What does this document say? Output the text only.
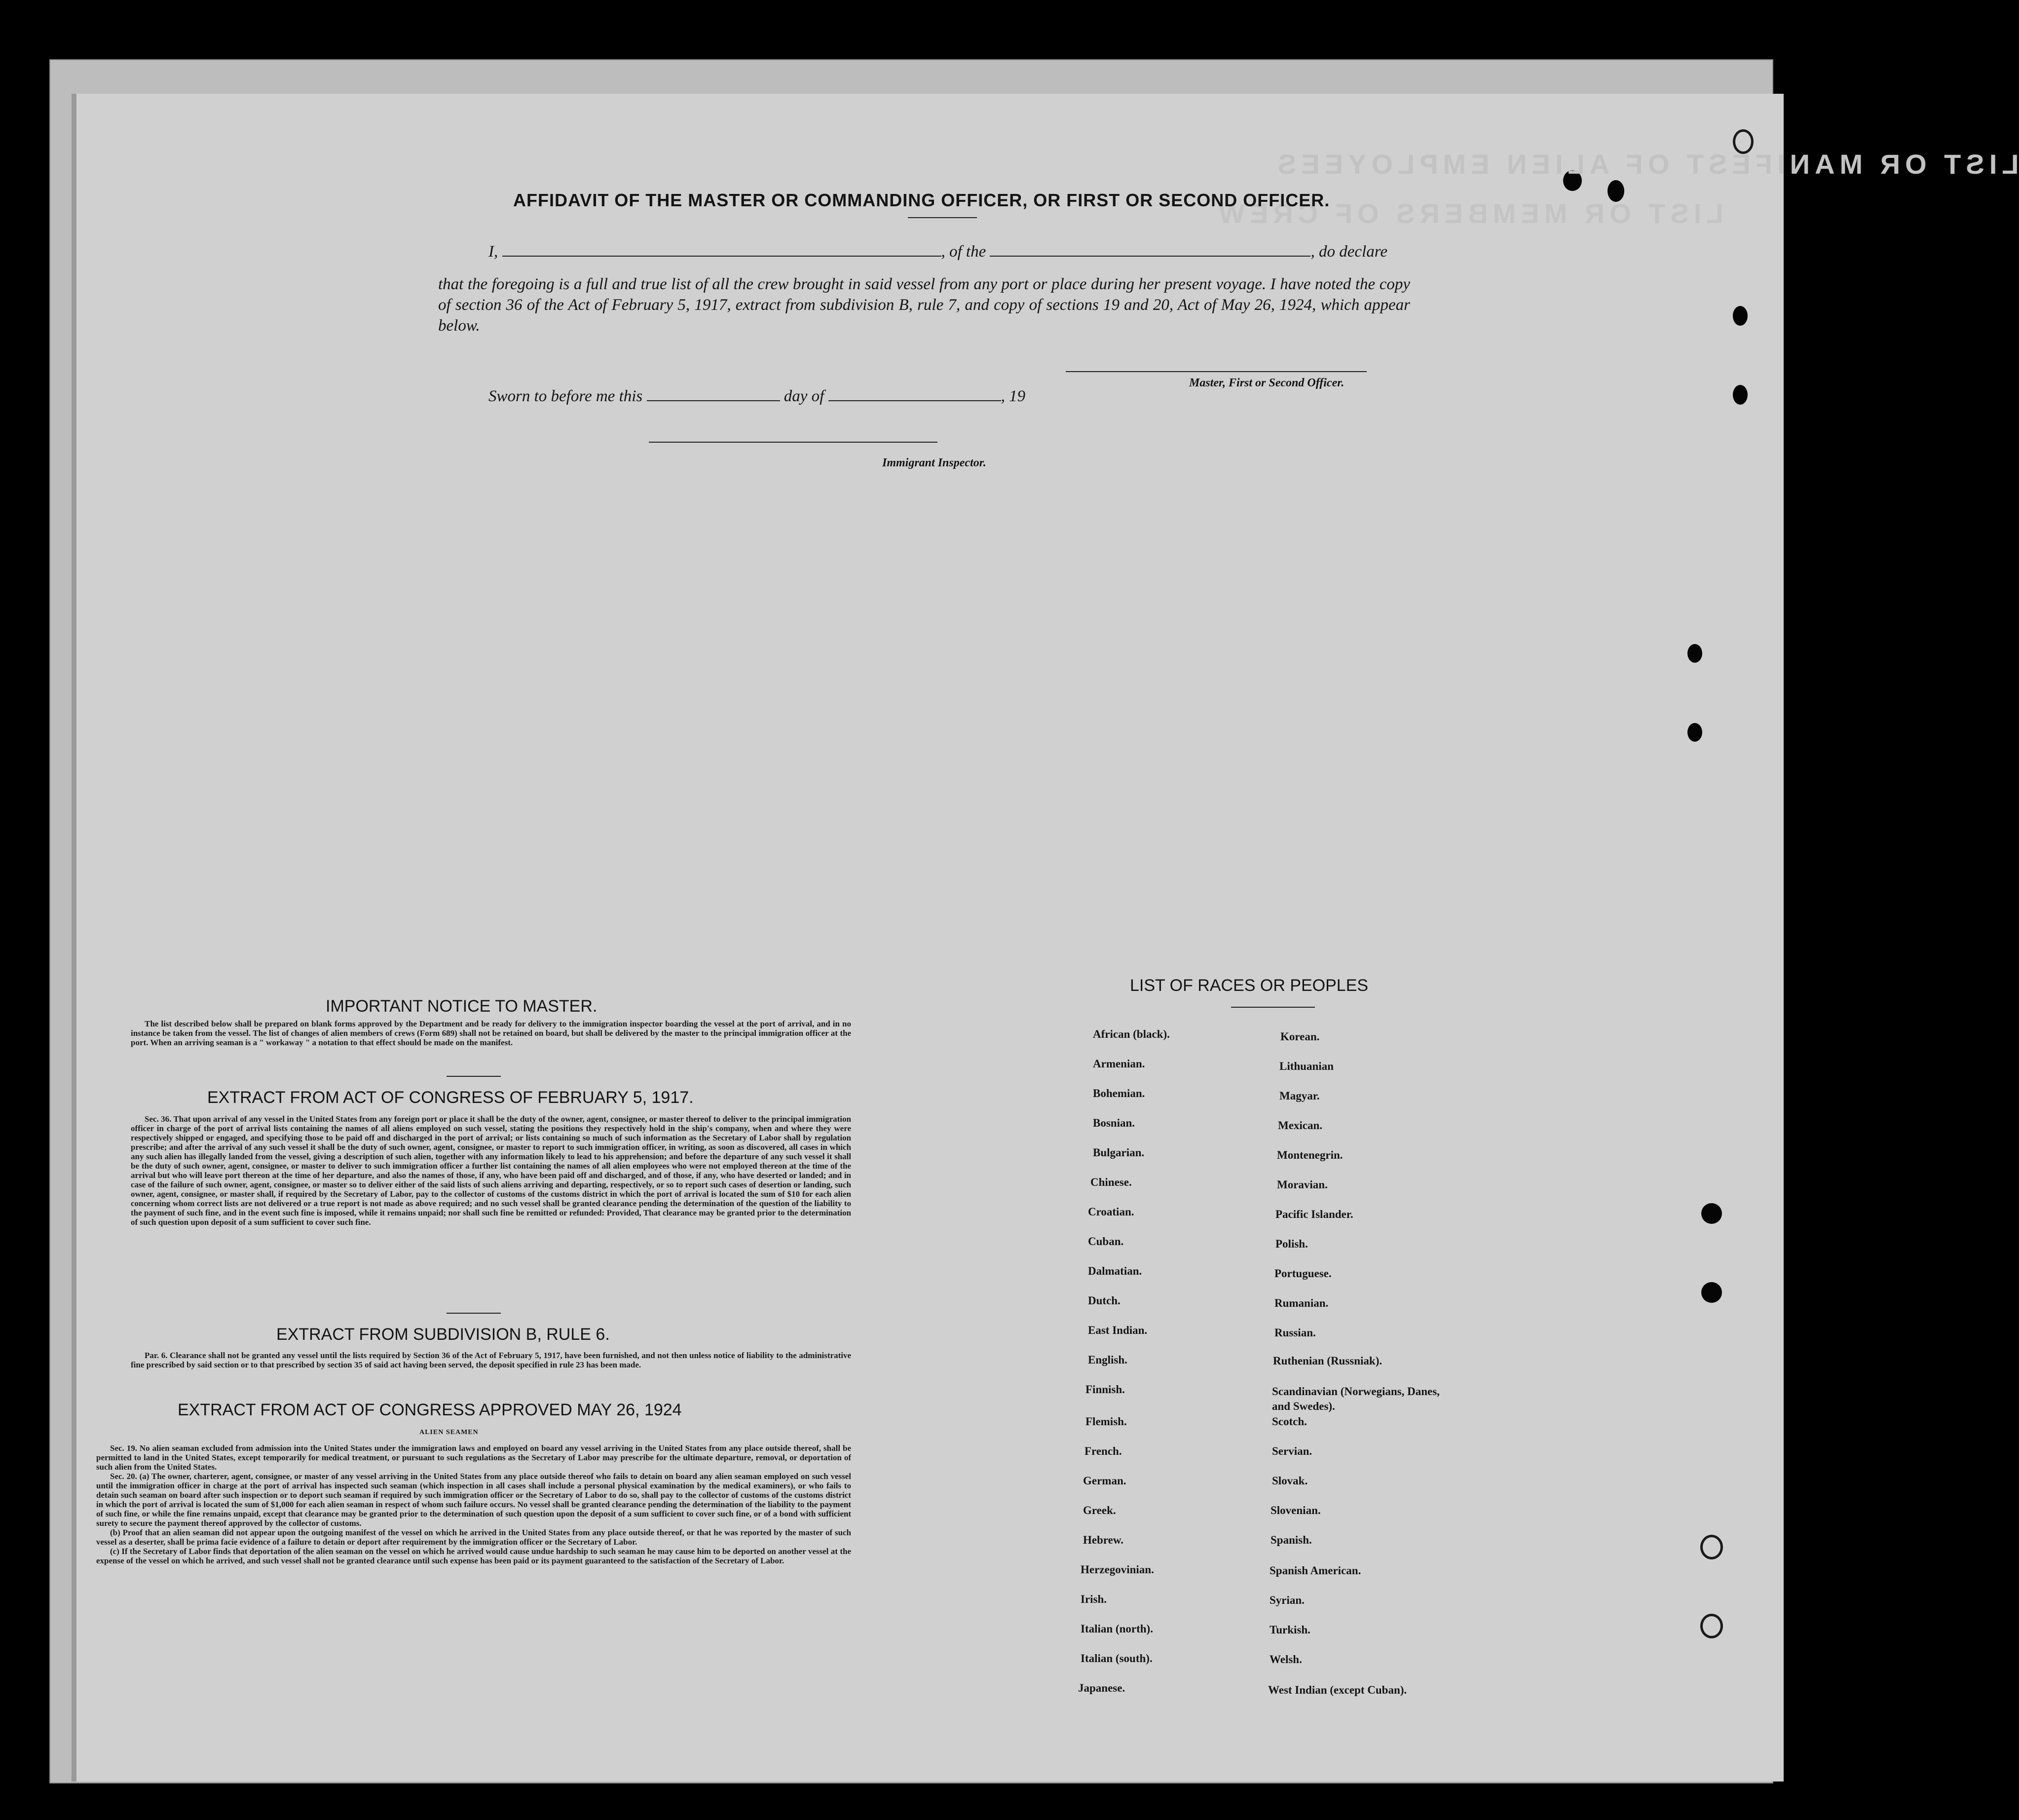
LIST OR MANIFEST OF ALIEN EMPLOYEES
LIST OR MEMBERS OF CREW
AFFIDAVIT OF THE MASTER OR COMMANDING OFFICER, OR FIRST OR SECOND OFFICER.
I,	, of the	, do declare
that the foregoing is a full and true list of all the crew brought in said vessel from any port or place during her present voyage. I have noted the copy of section 36 of the Act of February 5, 1917, extract from subdivision B, rule 7, and copy of sections 19 and 20, Act of May 26, 1924, which appear below.
Master, First or Second Officer.
Sworn to before me this	day of	, 19
Immigrant Inspector.
IMPORTANT NOTICE TO MASTER.

The list described below shall be prepared on blank forms approved by the Department and be ready for delivery to the immigration inspector boarding the vessel at the port of arrival, and in no instance be taken from the vessel. The list of changes of alien members of crews (Form 689) shall not be retained on board, but shall be delivered by the master to the principal immigration officer at the port. When an arriving seaman is a " workaway " a notation to that effect should be made on the manifest.

EXTRACT FROM ACT OF CONGRESS OF FEBRUARY 5, 1917.

Sec. 36. That upon arrival of any vessel in the United States from any foreign port or place it shall be the duty of the owner, agent, consignee, or master thereof to deliver to the principal immigration officer in charge of the port of arrival lists containing the names of all aliens employed on such vessel, stating the positions they respectively hold in the ship's company, when and where they were respectively shipped or engaged, and specifying those to be paid off and discharged in the port of arrival; or lists containing so much of such information as the Secretary of Labor shall by regulation prescribe; and after the arrival of any such vessel it shall be the duty of such owner, agent, consignee, or master to report to such immigration officer, in writing, as soon as discovered, all cases in which any such alien has illegally landed from the vessel, giving a description of such alien, together with any information likely to lead to his apprehension; and before the departure of any such vessel it shall be the duty of such owner, agent, consignee, or master to deliver to such immigration officer a further list containing the names of all alien employees who were not employed thereon at the time of the arrival but who will leave port thereon at the time of her departure, and also the names of those, if any, who have been paid off and discharged, and of those, if any, who have deserted or landed; and in case of the failure of such owner, agent, consignee, or master so to deliver either of the said lists of such aliens arriving and departing, respectively, or so to report such cases of desertion or landing, such owner, agent, consignee, or master shall, if required by the Secretary of Labor, pay to the collector of customs of the customs district in which the port of arrival is located the sum of $10 for each alien concerning whom correct lists are not delivered or a true report is not made as above required; and no such vessel shall be granted clearance pending the determination of the question of the liability to the payment of such fine, and in the event such fine is imposed, while it remains unpaid; nor shall such fine be remitted or refunded: Provided, That clearance may be granted prior to the determination of such question upon deposit of a sum sufficient to cover such fine.

EXTRACT FROM SUBDIVISION B, RULE 6.

Par. 6. Clearance shall not be granted any vessel until the lists required by Section 36 of the Act of February 5, 1917, have been furnished, and not then unless notice of liability to the administrative fine prescribed by said section or to that prescribed by section 35 of said act having been served, the deposit specified in rule 23 has been made.

EXTRACT FROM ACT OF CONGRESS APPROVED MAY 26, 1924
ALIEN SEAMEN

Sec. 19. No alien seaman excluded from admission into the United States under the immigration laws and employed on board any vessel arriving in the United States from any place outside thereof, shall be permitted to land in the United States, except temporarily for medical treatment, or pursuant to such regulations as the Secretary of Labor may prescribe for the ultimate departure, removal, or deportation of such alien from the United States.

Sec. 20. (a) The owner, charterer, agent, consignee, or master of any vessel arriving in the United States from any place outside thereof who fails to detain on board any alien seaman employed on such vessel until the immigration officer in charge at the port of arrival has inspected such seaman (which inspection in all cases shall include a personal physical examination by the medical examiners), or who fails to detain such seaman on board after such inspection or to deport such seaman if required by such immigration officer or the Secretary of Labor to do so, shall pay to the collector of customs of the customs district in which the port of arrival is located the sum of $1,000 for each alien seaman in respect of whom such failure occurs. No vessel shall be granted clearance pending the determination of the liability to the payment of such fine, or while the fine remains unpaid, except that clearance may be granted prior to the determination of such question upon the deposit of a sum sufficient to cover such fine, or of a bond with sufficient surety to secure the payment thereof approved by the collector of customs.

(b) Proof that an alien seaman did not appear upon the outgoing manifest of the vessel on which he arrived in the United States from any place outside thereof, or that he was reported by the master of such vessel as a deserter, shall be prima facie evidence of a failure to detain or deport after requirement by the immigration officer or the Secretary of Labor.

(c) If the Secretary of Labor finds that deportation of the alien seaman on the vessel on which he arrived would cause undue hardship to such seaman he may cause him to be deported on another vessel at the expense of the vessel on which he arrived, and such vessel shall not be granted clearance until such expense has been paid or its payment guaranteed to the satisfaction of the Secretary of Labor.

LIST OF RACES OR PEOPLES
African (black).
Armenian.
Bohemian.
Bosnian.
Bulgarian.
Chinese.
Croatian.
Cuban.
Dalmatian.
Dutch.
East Indian.
English.
Finnish.
Flemish.
French.
German.
Greek.
Hebrew.
Herzegovinian.
Irish.
Italian (north).
Italian (south).
Japanese.
Korean.
Lithuanian
Magyar.
Mexican.
Montenegrin.
Moravian.
Pacific Islander.
Polish.
Portuguese.
Rumanian.
Russian.
Ruthenian (Russniak).
Scandinavian (Norwegians, Danes, and Swedes).
Scotch.
Servian.
Slovak.
Slovenian.
Spanish.
Spanish American.
Syrian.
Turkish.
Welsh.
West Indian (except Cuban).
